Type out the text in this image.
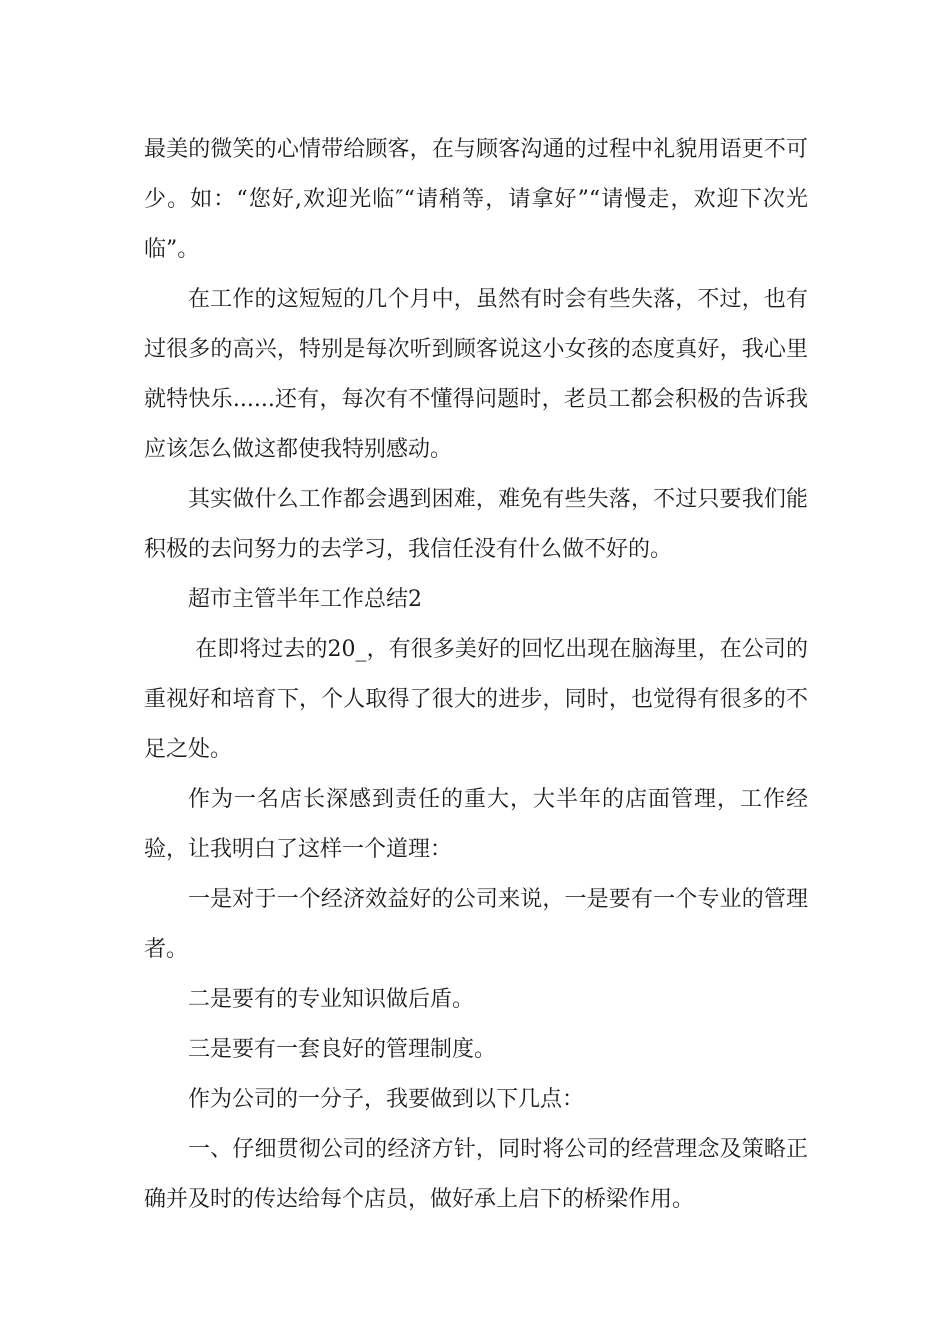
最美的微笑的心情带给顾客，在与顾客沟通的过程中礼貌用语更不可少。如：“您好,欢迎光临″“请稍等，请拿好”“请慢走，欢迎下次光临”。

在工作的这短短的几个月中，虽然有时会有些失落，不过，也有过很多的高兴，特别是每次听到顾客说这小女孩的态度真好，我心里就特快乐......还有，每次有不懂得问题时，老员工都会积极的告诉我应该怎么做这都使我特别感动。

其实做什么工作都会遇到困难，难免有些失落，不过只要我们能积极的去问努力的去学习，我信任没有什么做不好的。

超市主管半年工作总结2

在即将过去的20_，有很多美好的回忆出现在脑海里，在公司的重视好和培育下，个人取得了很大的进步，同时，也觉得有很多的不足之处。

作为一名店长深感到责任的重大，大半年的店面管理，工作经验，让我明白了这样一个道理：

一是对于一个经济效益好的公司来说，一是要有一个专业的管理者。

二是要有的专业知识做后盾。

三是要有一套良好的管理制度。

作为公司的一分子，我要做到以下几点：

一、仔细贯彻公司的经济方针，同时将公司的经营理念及策略正确并及时的传达给每个店员，做好承上启下的桥梁作用。
